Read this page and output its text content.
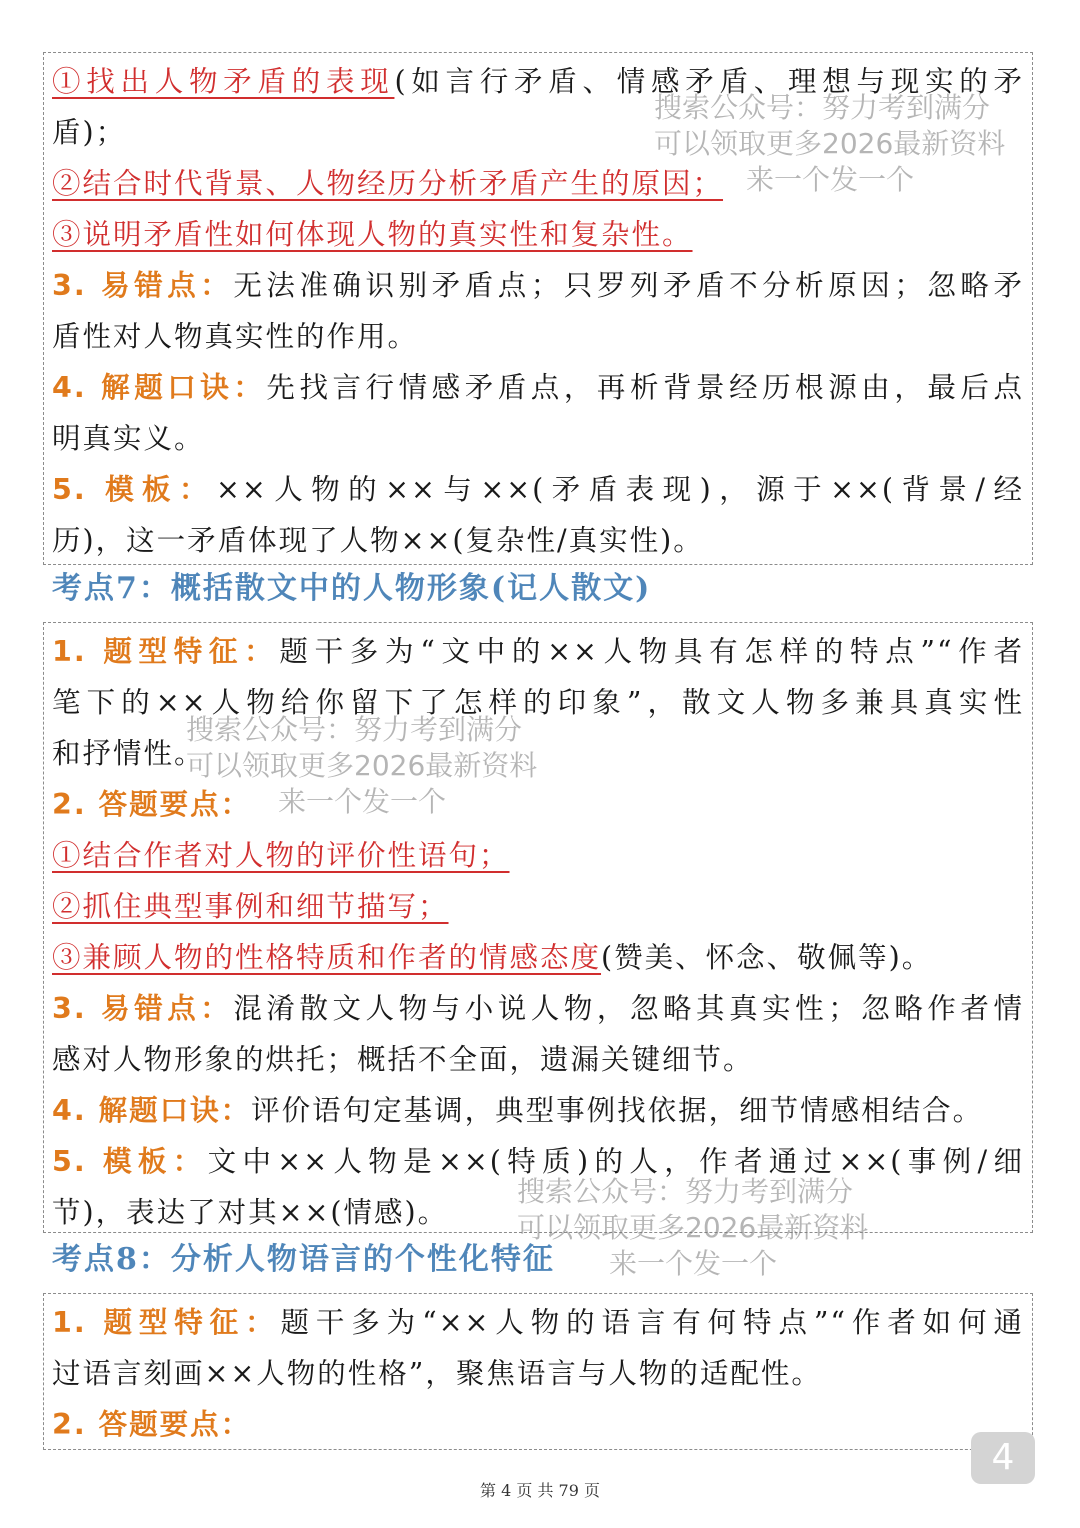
①找出人物矛盾的表现(如言行矛盾、情感矛盾、理想与现实的矛
盾)；
②结合时代背景、人物经历分析矛盾产生的原因；
③说明矛盾性如何体现人物的真实性和复杂性。
3. 易错点：无法准确识别矛盾点；只罗列矛盾不分析原因；忽略矛
盾性对人物真实性的作用。
4. 解题口诀：先找言行情感矛盾点，再析背景经历根源由，最后点
明真实义。
5. 模板：××人物的××与××(矛盾表现)，源于××(背景/经
历)，这一矛盾体现了人物××(复杂性/真实性)。
考点7：概括散文中的人物形象(记人散文)
1. 题型特征：题干多为“文中的××人物具有怎样的特点”“作者
笔下的××人物给你留下了怎样的印象”，散文人物多兼具真实性
和抒情性。
2. 答题要点：
①结合作者对人物的评价性语句；
②抓住典型事例和细节描写；
③兼顾人物的性格特质和作者的情感态度(赞美、怀念、敬佩等)。
3. 易错点：混淆散文人物与小说人物，忽略其真实性；忽略作者情
感对人物形象的烘托；概括不全面，遗漏关键细节。
4. 解题口诀：评价语句定基调，典型事例找依据，细节情感相结合。
5. 模板：文中××人物是××(特质)的人，作者通过××(事例/细
节)，表达了对其××(情感)。
考点8：分析人物语言的个性化特征
1. 题型特征：题干多为“××人物的语言有何特点”“作者如何通
过语言刻画××人物的性格”，聚焦语言与人物的适配性。
2. 答题要点：
搜索公众号：努力考到满分
可以领取更多2026最新资料
来一个发一个
搜索公众号：努力考到满分
可以领取更多2026最新资料
来一个发一个
搜索公众号：努力考到满分
可以领取更多2026最新资料
来一个发一个
4
第 4 页 共 79 页
